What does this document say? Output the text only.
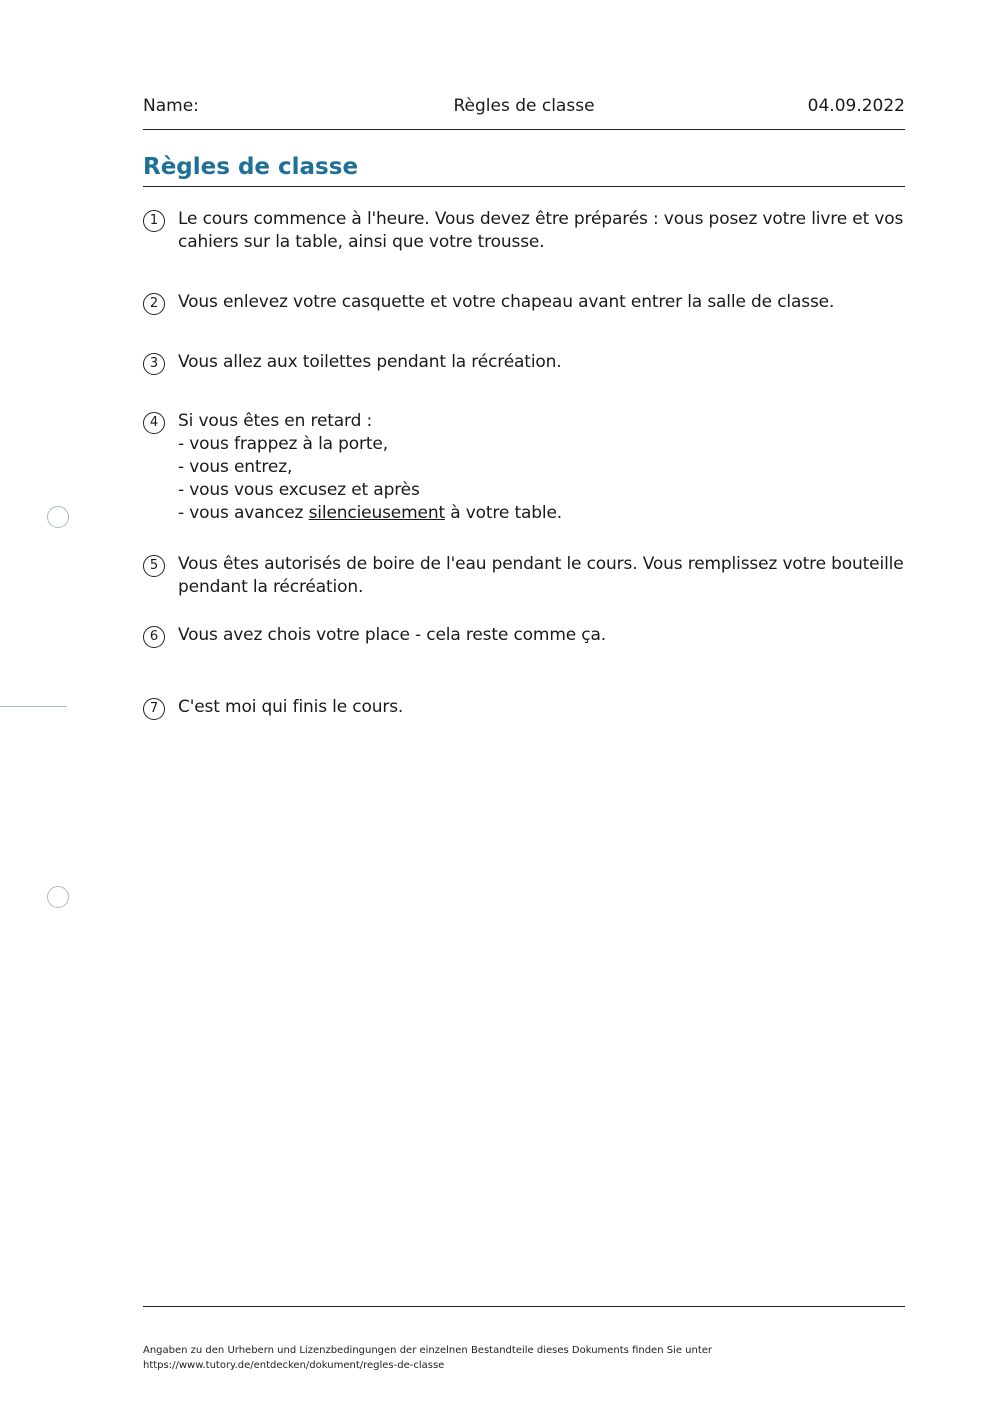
Name:	Règles de classe	04.09.2022
Règles de classe
1	Le cours commence à l'heure. Vous devez être préparés : vous posez votre livre et vos
cahiers sur la table, ainsi que votre trousse.
2	Vous enlevez votre casquette et votre chapeau avant entrer la salle de classe.
3	Vous allez aux toilettes pendant la récréation.
4	Si vous êtes en retard :
- vous frappez à la porte,
- vous entrez,
- vous vous excusez et après
- vous avancez silencieusement à votre table.
5	Vous êtes autorisés de boire de l'eau pendant le cours. Vous remplissez votre bouteille
pendant la récréation.
6	Vous avez chois votre place - cela reste comme ça.
7	C'est moi qui finis le cours.
Angaben zu den Urhebern und Lizenzbedingungen der einzelnen Bestandteile dieses Dokuments finden Sie unter
https://www.tutory.de/entdecken/dokument/regles-de-classe
